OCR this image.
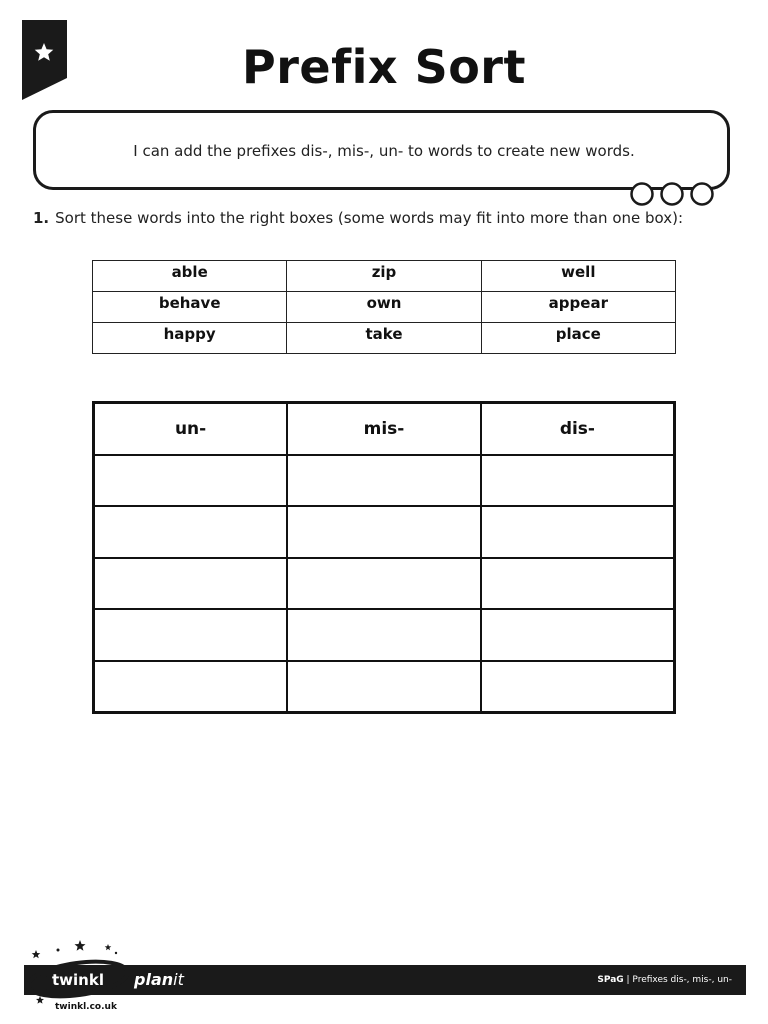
Prefix Sort
I can add the prefixes dis-, mis-, un- to words to create new words.
1. Sort these words into the right boxes (some words may fit into more than one box):
able	zip	well
behave	own	appear
happy	take	place
un-	mis-	dis-

twinkl
twinkl.co.uk
planit	SPaG | Prefixes dis-, mis-, un-
